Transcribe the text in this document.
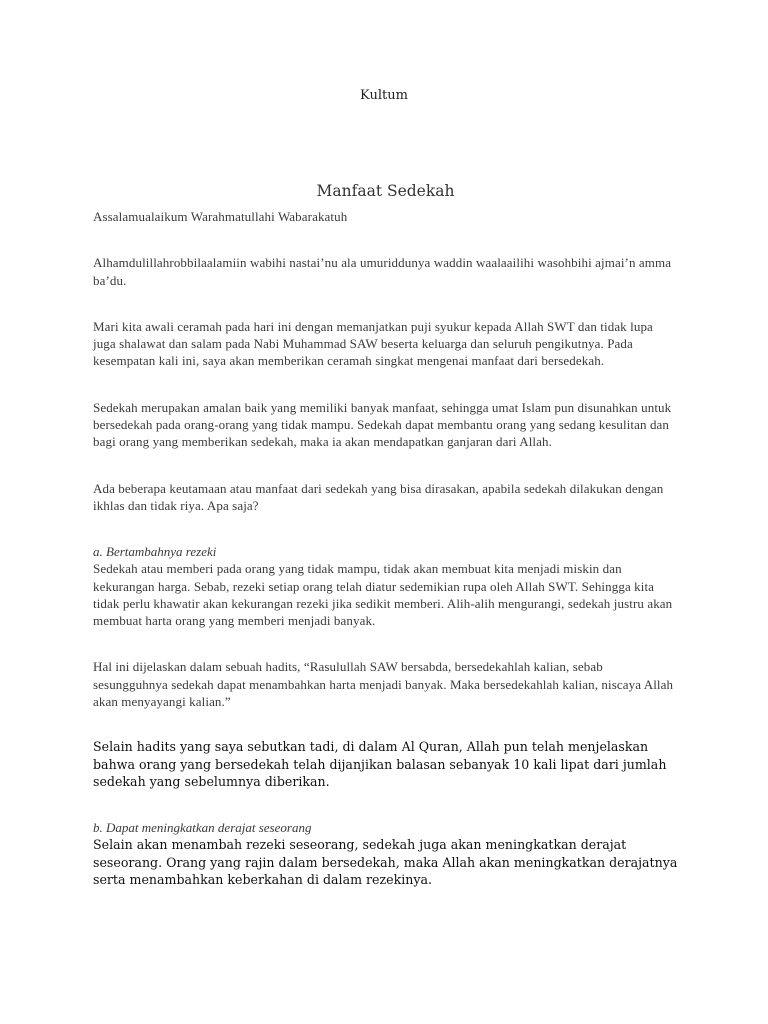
Kultum
Manfaat Sedekah

Assalamualaikum Warahmatullahi Wabarakatuh

Alhamdulillahrobbilaalamiin wabihi nastai’nu ala umuriddunya waddin waalaailihi wasohbihi ajmai’n amma ba’du.

Mari kita awali ceramah pada hari ini dengan memanjatkan puji syukur kepada Allah SWT dan tidak lupa juga shalawat dan salam pada Nabi Muhammad SAW beserta keluarga dan seluruh pengikutnya. Pada kesempatan kali ini, saya akan memberikan ceramah singkat mengenai manfaat dari bersedekah.

Sedekah merupakan amalan baik yang memiliki banyak manfaat, sehingga umat Islam pun disunahkan untuk bersedekah pada orang-orang yang tidak mampu. Sedekah dapat membantu orang yang sedang kesulitan dan bagi orang yang memberikan sedekah, maka ia akan mendapatkan ganjaran dari Allah.

Ada beberapa keutamaan atau manfaat dari sedekah yang bisa dirasakan, apabila sedekah dilakukan dengan ikhlas dan tidak riya. Apa saja?

a. Bertambahnya rezeki

Sedekah atau memberi pada orang yang tidak mampu, tidak akan membuat kita menjadi miskin dan kekurangan harga. Sebab, rezeki setiap orang telah diatur sedemikian rupa oleh Allah SWT. Sehingga kita tidak perlu khawatir akan kekurangan rezeki jika sedikit memberi. Alih-alih mengurangi, sedekah justru akan membuat harta orang yang memberi menjadi banyak.

Hal ini dijelaskan dalam sebuah hadits, “Rasulullah SAW bersabda, bersedekahlah kalian, sebab sesungguhnya sedekah dapat menambahkan harta menjadi banyak. Maka bersedekahlah kalian, niscaya Allah akan menyayangi kalian.”

Selain hadits yang saya sebutkan tadi, di dalam Al Quran, Allah pun telah menjelaskan bahwa orang yang bersedekah telah dijanjikan balasan sebanyak 10 kali lipat dari jumlah sedekah yang sebelumnya diberikan.

b. Dapat meningkatkan derajat seseorang

Selain akan menambah rezeki seseorang, sedekah juga akan meningkatkan derajat seseorang. Orang yang rajin dalam bersedekah, maka Allah akan meningkatkan derajatnya serta menambahkan keberkahan di dalam rezekinya.
